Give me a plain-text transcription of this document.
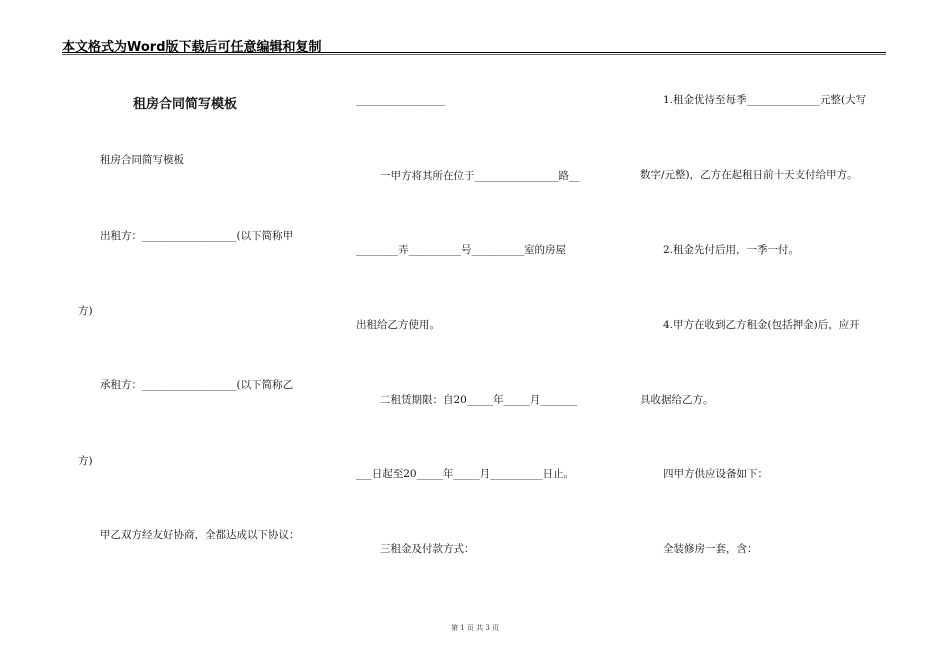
本文格式为Word版下载后可任意编辑和复制
租房合同简写模板
租房合同简写模板
出租方：__________________(以下简称甲
方)
承租方：__________________(以下简称乙
方)
甲乙双方经友好协商，全都达成以下协议：
_________________
一甲方将其所在位于________________路__
________弄__________号__________室的房屋
出租给乙方使用。
二租赁期限：自20_____年_____月_______
___日起至20_____年_____月__________日止。
三租金及付款方式：
1.租金优待至每季______________元整(大写
数字/元整)，乙方在起租日前十天支付给甲方。
2.租金先付后用，一季一付。
4.甲方在收到乙方租金(包括押金)后，应开
具收据给乙方。
四甲方供应设备如下：
全装修房一套，含：
第 1 页 共 3 页
